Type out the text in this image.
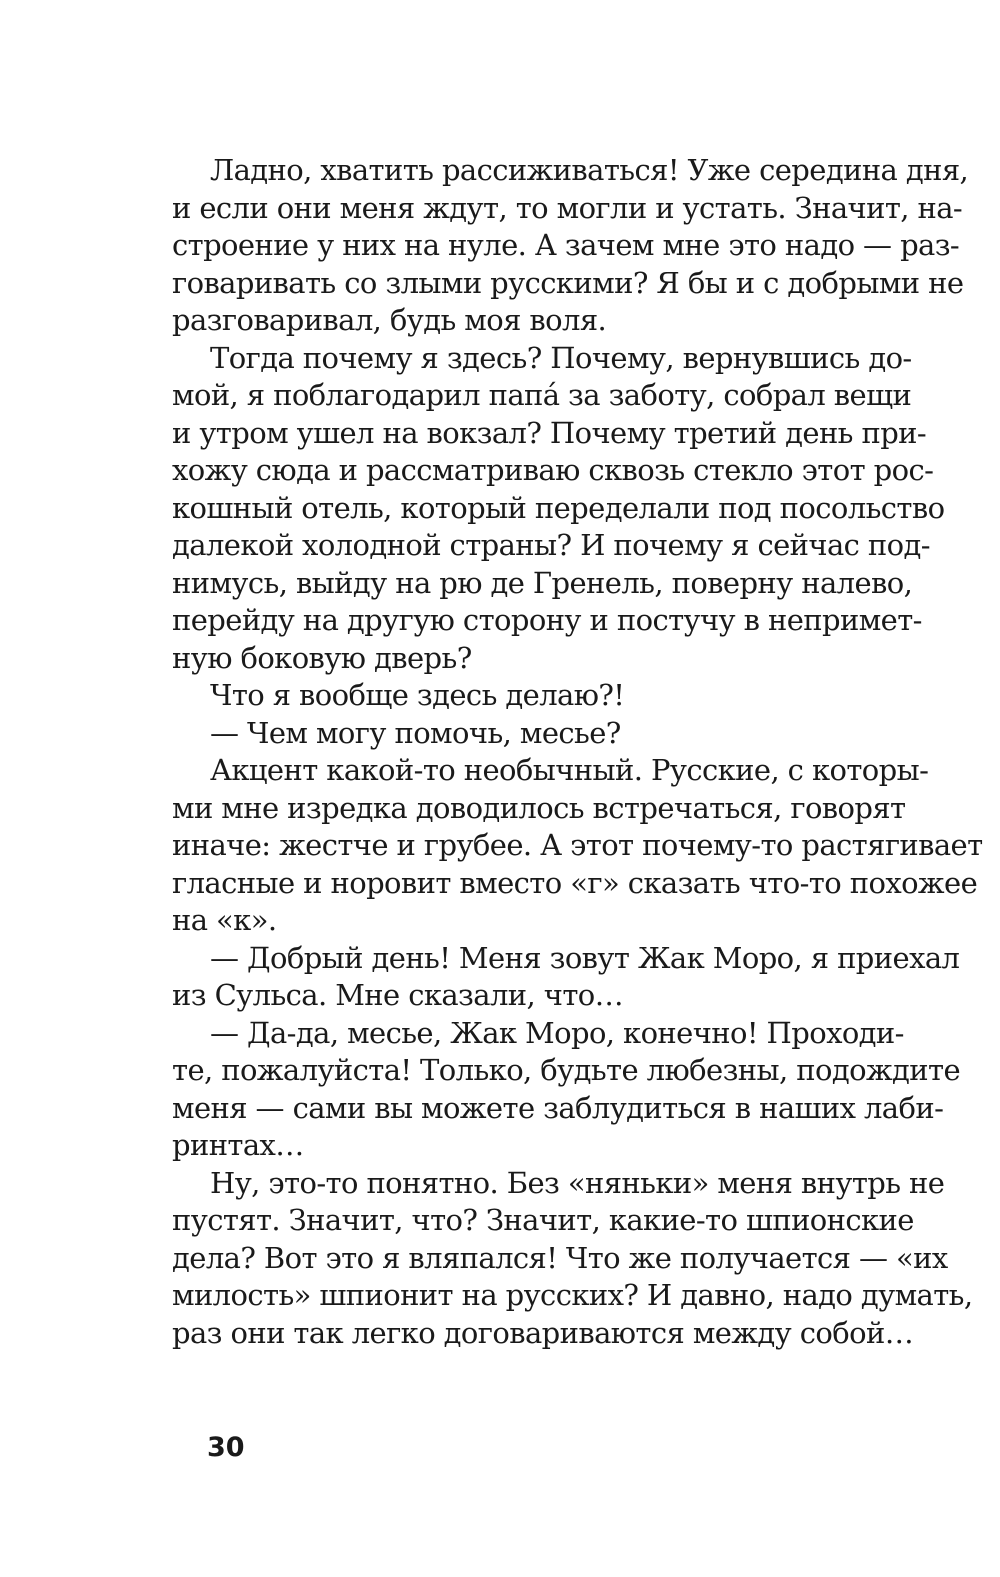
Ладно, хватить рассиживаться! Уже середина дня,
и если они меня ждут, то могли и устать. Значит, на-
строение у них на нуле. А зачем мне это надо — раз-
говаривать со злыми русскими? Я бы и с добрыми не
разговаривал, будь моя воля.
Тогда почему я здесь? Почему, вернувшись до-
мой, я поблагодарил папа́ за заботу, собрал вещи
и утром ушел на вокзал? Почему третий день при-
хожу сюда и рассматриваю сквозь стекло этот рос-
кошный отель, который переделали под посольство
далекой холодной страны? И почему я сейчас под-
нимусь, выйду на рю де Гренель, поверну налево,
перейду на другую сторону и постучу в непримет-
ную боковую дверь?
Что я вообще здесь делаю?!
— Чем могу помочь, месье?
Акцент какой-то необычный. Русские, с которы-
ми мне изредка доводилось встречаться, говорят
иначе: жестче и грубее. А этот почему-то растягивает
гласные и норовит вместо «г» сказать что-то похожее
на «к».
— Добрый день! Меня зовут Жак Моро, я приехал
из Сульса. Мне сказали, что…
— Да-да, месье, Жак Моро, конечно! Проходи-
те, пожалуйста! Только, будьте любезны, подождите
меня — сами вы можете заблудиться в наших лаби-
ринтах…
Ну, это-то понятно. Без «няньки» меня внутрь не
пустят. Значит, что? Значит, какие-то шпионские
дела? Вот это я вляпался! Что же получается — «их
милость» шпионит на русских? И давно, надо думать,
раз они так легко договариваются между собой…
30
